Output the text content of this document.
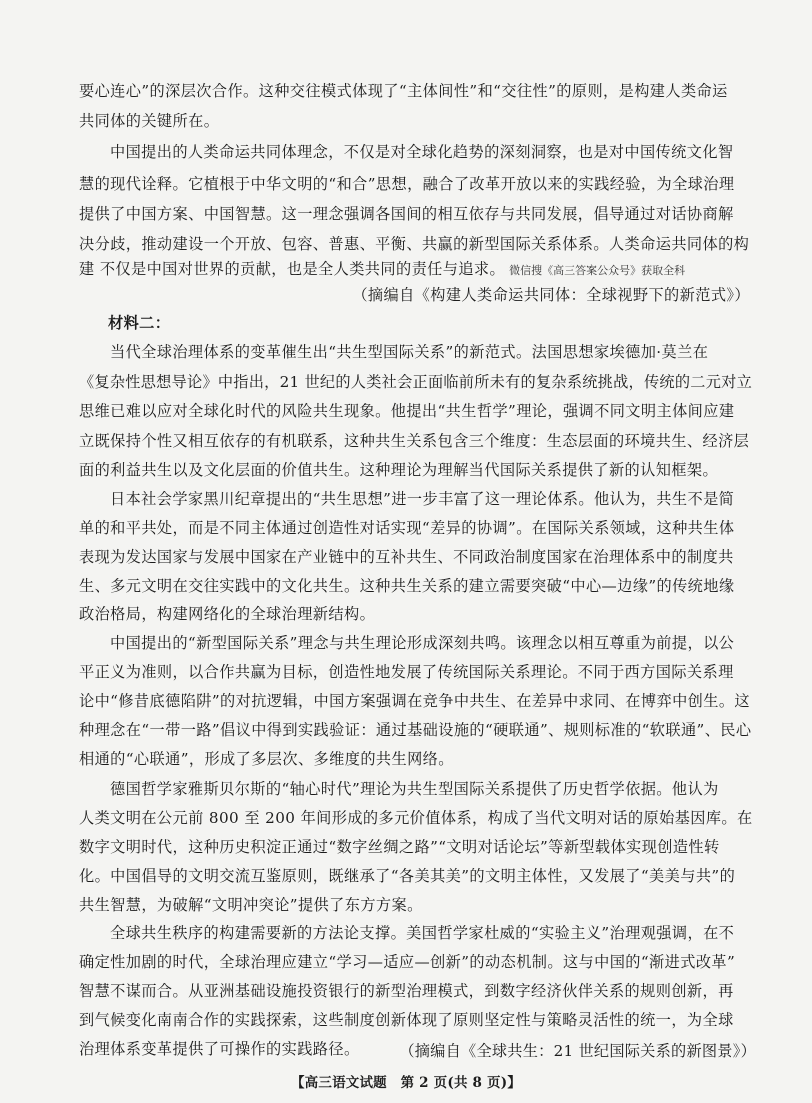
要心连心”的深层次合作。这种交往模式体现了“主体间性”和“交往性”的原则，是构建人类命运
共同体的关键所在。
中国提出的人类命运共同体理念，不仅是对全球化趋势的深刻洞察，也是对中国传统文化智
慧的现代诠释。它植根于中华文明的“和合”思想，融合了改革开放以来的实践经验，为全球治理
提供了中国方案、中国智慧。这一理念强调各国间的相互依存与共同发展，倡导通过对话协商解
决分歧，推动建设一个开放、包容、普惠、平衡、共赢的新型国际关系体系。人类命运共同体的构
建 不仅是中国对世界的贡献，也是全人类共同的责任与追求。 微信搜《高三答案公众号》获取全科
（摘编自《构建人类命运共同体：全球视野下的新范式》）
材料二：
当代全球治理体系的变革催生出“共生型国际关系”的新范式。法国思想家埃德加·莫兰在
《复杂性思想导论》中指出，21 世纪的人类社会正面临前所未有的复杂系统挑战，传统的二元对立
思维已难以应对全球化时代的风险共生现象。他提出“共生哲学”理论，强调不同文明主体间应建
立既保持个性又相互依存的有机联系，这种共生关系包含三个维度：生态层面的环境共生、经济层
面的利益共生以及文化层面的价值共生。这种理论为理解当代国际关系提供了新的认知框架。
日本社会学家黑川纪章提出的“共生思想”进一步丰富了这一理论体系。他认为，共生不是简
单的和平共处，而是不同主体通过创造性对话实现“差异的协调”。在国际关系领域，这种共生体
表现为发达国家与发展中国家在产业链中的互补共生、不同政治制度国家在治理体系中的制度共
生、多元文明在交往实践中的文化共生。这种共生关系的建立需要突破“中心—边缘”的传统地缘
政治格局，构建网络化的全球治理新结构。
中国提出的“新型国际关系”理念与共生理论形成深刻共鸣。该理念以相互尊重为前提，以公
平正义为准则，以合作共赢为目标，创造性地发展了传统国际关系理论。不同于西方国际关系理
论中“修昔底德陷阱”的对抗逻辑，中国方案强调在竞争中共生、在差异中求同、在博弈中创生。这
种理念在“一带一路”倡议中得到实践验证：通过基础设施的“硬联通”、规则标准的“软联通”、民心
相通的“心联通”，形成了多层次、多维度的共生网络。
德国哲学家雅斯贝尔斯的“轴心时代”理论为共生型国际关系提供了历史哲学依据。他认为
人类文明在公元前 800 至 200 年间形成的多元价值体系，构成了当代文明对话的原始基因库。在
数字文明时代，这种历史积淀正通过“数字丝绸之路”“文明对话论坛”等新型载体实现创造性转
化。中国倡导的文明交流互鉴原则，既继承了“各美其美”的文明主体性，又发展了“美美与共”的
共生智慧，为破解“文明冲突论”提供了东方方案。
全球共生秩序的构建需要新的方法论支撑。美国哲学家杜威的“实验主义”治理观强调，在不
确定性加剧的时代，全球治理应建立“学习—适应—创新”的动态机制。这与中国的“渐进式改革”
智慧不谋而合。从亚洲基础设施投资银行的新型治理模式，到数字经济伙伴关系的规则创新，再
到气候变化南南合作的实践探索，这些制度创新体现了原则坚定性与策略灵活性的统一，为全球
治理体系变革提供了可操作的实践路径。	（摘编自《全球共生：21 世纪国际关系的新图景》）
【高三语文试题　第 2 页(共 8 页)】
